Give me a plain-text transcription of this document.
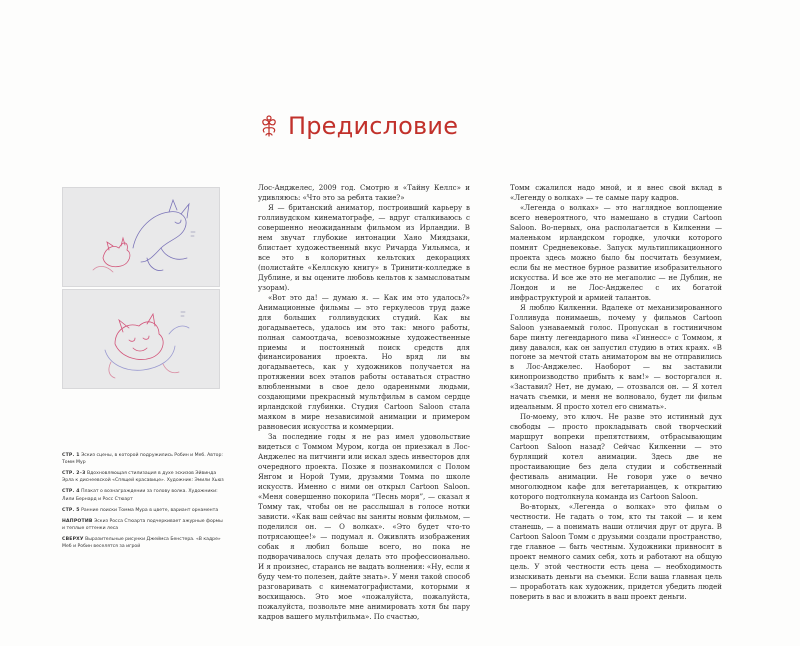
Предисловие
СТР. 1 Эскиз сцены, в которой подружились Робин и Меб. Автор: Томм Мур
СТР. 2–3 Вдохновляющая стилизация в духе эскизов Эйвинда Эрла к диснеевской «Спящей красавице». Художник: Эмили Хьюз
СТР. 4 Плакат о вознаграждении за голову волка. Художники: Лили Бернард и Росс Стюарт
СТР. 5 Ранние поиски Томма Мура в цвете, вариант орнамента
НАПРОТИВ Эскиз Росса Стюарта подчеркивает ажурные формы и теплые оттенки леса
СВЕРХУ Выразительные рисунки Джеймса Бенстера. «В кадре» Меб и Робин веселятся за игрой

Лос-Анджелес, 2009 год. Смотрю я «Тайну Келлс» и удивляюсь: «Что это за ребята такие?»

Я — британский аниматор, построивший карьеру в голливудском кинематографе, — вдруг сталкиваюсь с совершенно неожиданным фильмом из Ирландии. В нем звучат глубокие интонации Хаяо Миядзаки, блистает художественный вкус Ричарда Уильямса, и все это в колоритных кельтских декорациях (полистайте «Келлскую книгу» в Тринити-колледже в Дублине, и вы оцените любовь кельтов к замысловатым узорам).

«Вот это да! — думаю я. — Как им это удалось?» Анимационные фильмы — это геркулесов труд даже для больших голливудских студий. Как вы догадываетесь, удалось им это так: много работы, полная самоотдача, всевозможные художественные приемы и постоянный поиск средств для финансирования проекта. Но вряд ли вы догадываетесь, как у художников получается на протяжении всех этапов работы оставаться страстно влюбленными в свое дело одаренными людьми, создающими прекрасный мультфильм в самом сердце ирландской глубинки. Студия Cartoon Saloon стала маяком в мире независимой анимации и примером равновесия искусства и коммерции.

За последние годы я не раз имел удовольствие видеться с Томмом Муром, когда он приезжал в Лос-Анджелес на питчинги или искал здесь инвесторов для очередного проекта. Позже я познакомился с Полом Янгом и Норой Туми, друзьями Томма по школе искусств. Именно с ними он открыл Cartoon Saloon. «Меня совершенно покорила “Песнь моря”, — сказал я Томму так, чтобы он не расслышал в голосе нотки зависти. «Как ваш сейчас вы заняты новым фильмом, — поделился он. — О волках». «Это будет что-то потрясающее!» — подумал я. Оживлять изображения собак я любил больше всего, но пока не подворачивалось случая делать это профессионально. И я произнес, стараясь не выдать волнения: «Ну, если я буду чем-то полезен, дайте знать». У меня такой способ разговаривать с кинематографистами, которыми я восхищаюсь. Это мое «пожалуйста, пожалуйста, пожалуйста, позвольте мне анимировать хотя бы пару кадров вашего мультфильма». По счастью,

Томм сжалился надо мной, и я внес свой вклад в «Легенду о волках» — те самые пару кадров.

«Легенда о волках» — это наглядное воплощение всего невероятного, что намешано в студии Cartoon Saloon. Во-первых, она располагается в Килкенни — маленьком ирландском городке, улочки которого помнят Средневековье. Запуск мультипликационного проекта здесь можно было бы посчитать безумием, если бы не местное бурное развитие изобразительного искусства. И все же это не мегаполис — не Дублин, не Лондон и не Лос-Анджелес с их богатой инфраструктурой и армией талантов.

Я люблю Килкенни. Вдалеке от механизированного Голливуда понимаешь, почему у фильмов Cartoon Saloon узнаваемый голос. Пропуская в гостиничном баре пинту легендарного пива «Гиннесс» с Томмом, я диву давался, как он запустил студию в этих краях. «В погоне за мечтой стать аниматором вы не отправились в Лос-Анджелес. Наоборот — вы заставили кинопроизводство прибыть к вам!» — восторгался я. «Заставил? Нет, не думаю, — отозвался он. — Я хотел начать съемки, и меня не волновало, будет ли фильм идеальным. Я просто хотел его снимать».

По-моему, это ключ. Не разве это истинный дух свободы — просто прокладывать свой творческий маршрут вопреки препятствиям, отбрасывающим Cartoon Saloon назад? Сейчас Килкенни — это бурлящий котел анимации. Здесь две не простаивающие без дела студии и собственный фестиваль анимации. Не говоря уже о вечно многолюдном кафе для вегетарианцев, к открытию которого подтолкнула команда из Cartoon Saloon.

Во-вторых, «Легенда о волках» это фильм о честности. Не гадать о том, кто ты такой — и кем станешь, — а понимать наши отличия друг от друга. В Cartoon Saloon Томм с друзьями создали пространство, где главное — быть честным. Художники привносят в проект немного самих себя, хоть и работают на общую цель. У этой честности есть цена — необходимость изыскивать деньги на съемки. Если ваша главная цель — проработать как художник, придется убедить людей поверить в вас и вложить в ваш проект деньги.
